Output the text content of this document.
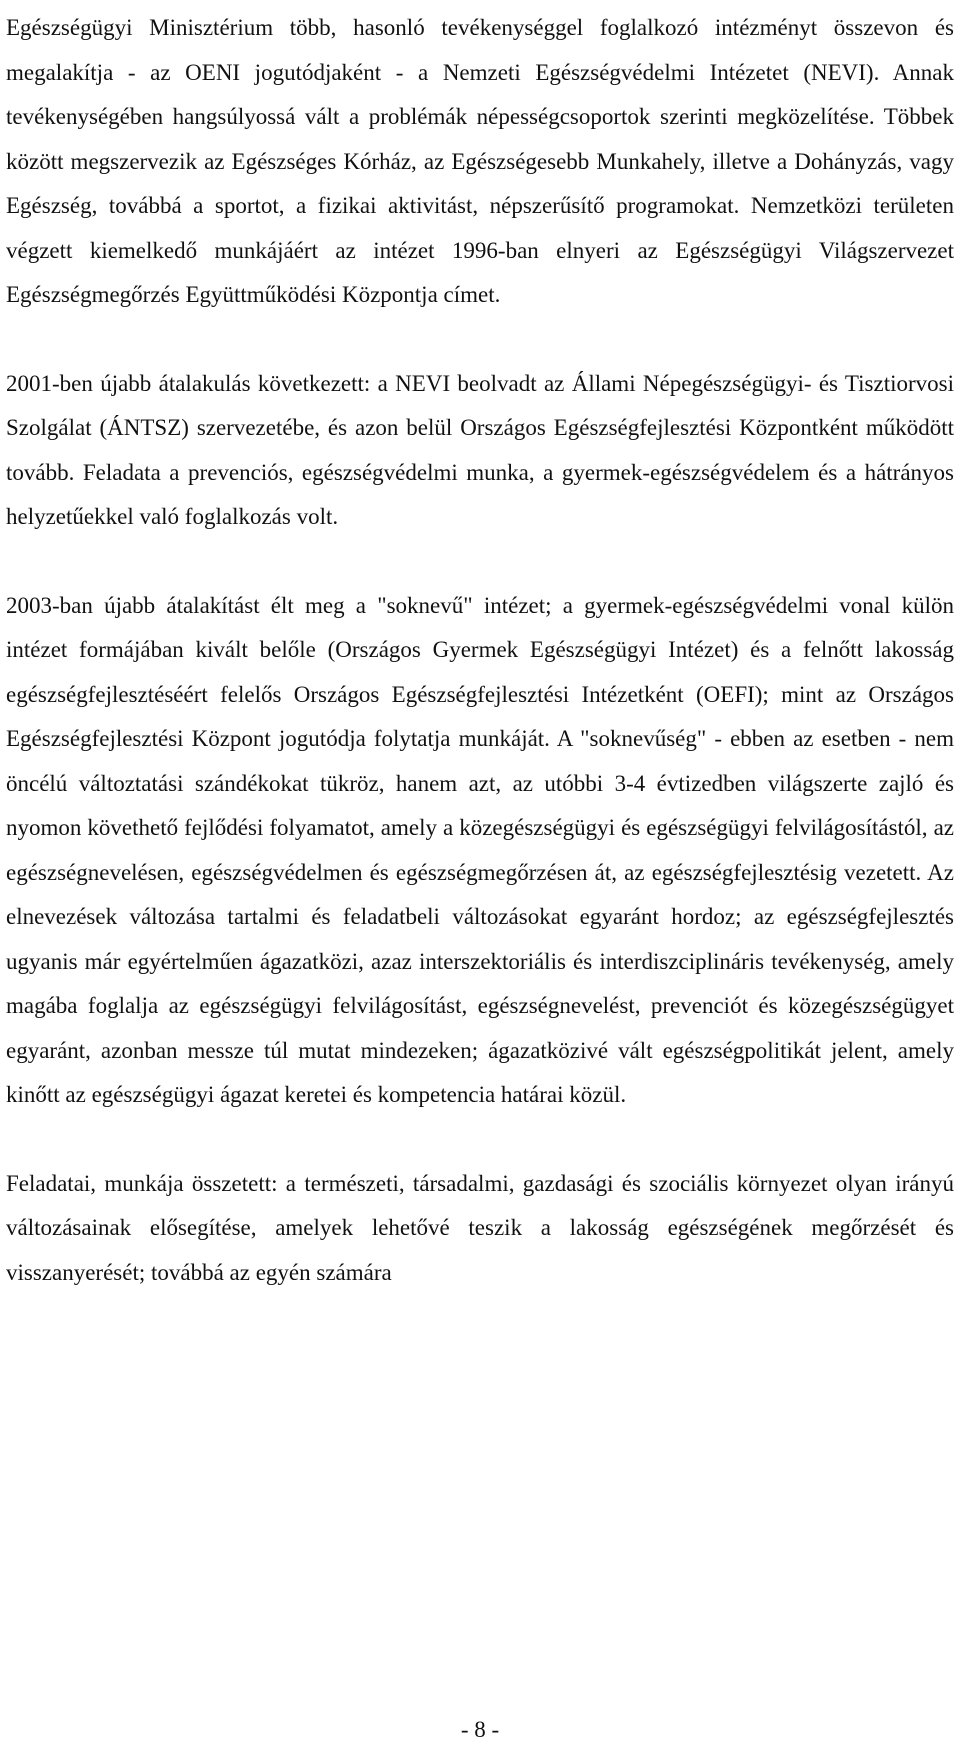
Egészségügyi Minisztérium több, hasonló tevékenységgel foglalkozó intézményt összevon és megalakítja - az OENI jogutódjaként - a Nemzeti Egészségvédelmi Intézetet (NEVI). Annak tevékenységében hangsúlyossá vált a problémák népességcsoportok szerinti megközelítése. Többek között megszervezik az Egészséges Kórház, az Egészségesebb Munkahely, illetve a Dohányzás, vagy Egészség, továbbá a sportot, a fizikai aktivitást, népszerűsítő programokat. Nemzetközi területen végzett kiemelkedő munkájáért az intézet 1996-ban elnyeri az Egészségügyi Világszervezet Egészségmegőrzés Együttműködési Központja címet.

2001-ben újabb átalakulás következett: a NEVI beolvadt az Állami Népegészségügyi- és Tisztiorvosi Szolgálat (ÁNTSZ) szervezetébe, és azon belül Országos Egészségfejlesztési Központként működött tovább. Feladata a prevenciós, egészségvédelmi munka, a gyermek-egészségvédelem és a hátrányos helyzetűekkel való foglalkozás volt.

2003-ban újabb átalakítást élt meg a "soknevű" intézet; a gyermek-egészségvédelmi vonal külön intézet formájában kivált belőle (Országos Gyermek Egészségügyi Intézet) és a felnőtt lakosság egészségfejlesztéséért felelős Országos Egészségfejlesztési Intézetként (OEFI); mint az Országos Egészségfejlesztési Központ jogutódja folytatja munkáját. A "soknevűség" - ebben az esetben - nem öncélú változtatási szándékokat tükröz, hanem azt, az utóbbi 3-4 évtizedben világszerte zajló és nyomon követhető fejlődési folyamatot, amely a közegészségügyi és egészségügyi felvilágosítástól, az egészségnevelésen, egészségvédelmen és egészségmegőrzésen át, az egészségfejlesztésig vezetett. Az elnevezések változása tartalmi és feladatbeli változásokat egyaránt hordoz; az egészségfejlesztés ugyanis már egyértelműen ágazatközi, azaz interszektoriális és interdiszciplináris tevékenység, amely magába foglalja az egészségügyi felvilágosítást, egészségnevelést, prevenciót és közegészségügyet egyaránt, azonban messze túl mutat mindezeken; ágazatközivé vált egészségpolitikát jelent, amely kinőtt az egészségügyi ágazat keretei és kompetencia határai közül.

Feladatai, munkája összetett: a természeti, társadalmi, gazdasági és szociális környezet olyan irányú változásainak elősegítése, amelyek lehetővé teszik a lakosság egészségének megőrzését és visszanyerését; továbbá az egyén számára

- 8 -
